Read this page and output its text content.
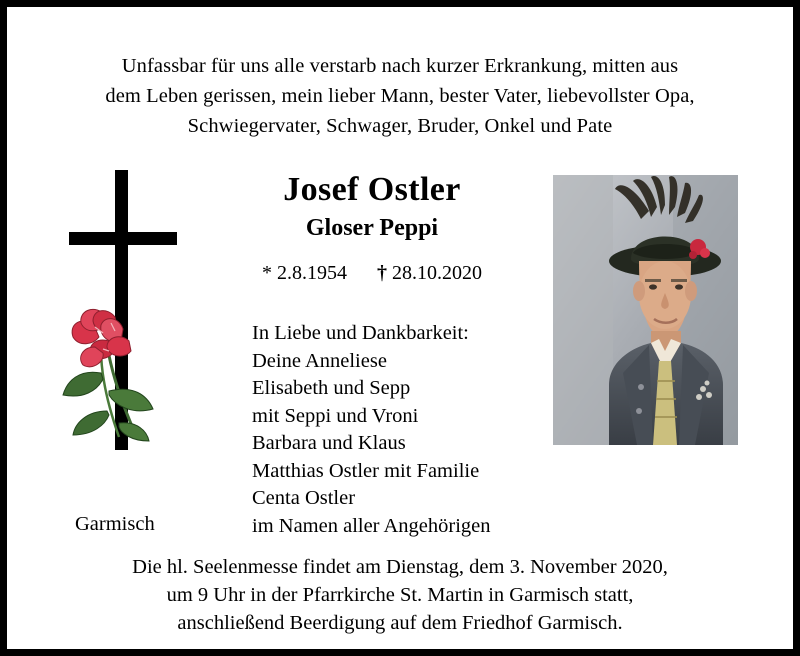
Unfassbar für uns alle verstarb nach kurzer Erkrankung, mitten aus
dem Leben gerissen, mein lieber Mann, bester Vater, liebevollster Opa,
Schwiegervater, Schwager, Bruder, Onkel und Pate
Josef Ostler
Gloser Peppi
* 2.8.1954 † 28.10.2020
In Liebe und Dankbarkeit:
Deine Anneliese
Elisabeth und Sepp
mit Seppi und Vroni
Barbara und Klaus
Matthias Ostler mit Familie
Centa Ostler
im Namen aller Angehörigen
Garmisch
Die hl. Seelenmesse findet am Dienstag, dem 3. November 2020,
um 9 Uhr in der Pfarrkirche St. Martin in Garmisch statt,
anschließend Beerdigung auf dem Friedhof Garmisch.
